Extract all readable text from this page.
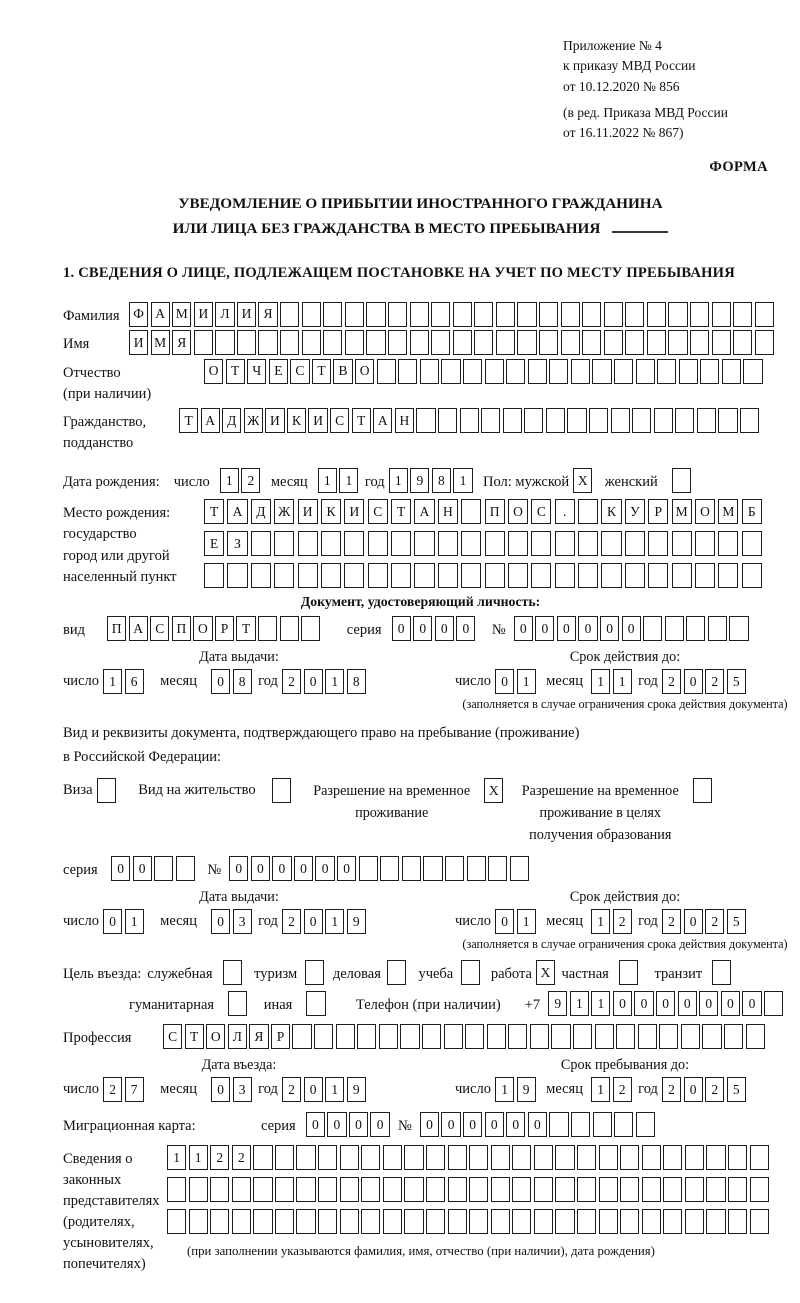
Приложение № 4
к приказу МВД России
от 10.12.2020 № 856
(в ред. Приказа МВД России
от 16.11.2022 № 867)
ФОРМА
УВЕДОМЛЕНИЕ О ПРИБЫТИИ ИНОСТРАННОГО ГРАЖДАНИНА
ИЛИ ЛИЦА БЕЗ ГРАЖДАНСТВА В МЕСТО ПРЕБЫВАНИЯ
1. СВЕДЕНИЯ О ЛИЦЕ, ПОДЛЕЖАЩЕМ ПОСТАНОВКЕ НА УЧЕТ ПО МЕСТУ ПРЕБЫВАНИЯ
Фамилия	Ф А М И Л И Я
Имя	И М Я
Отчество
(при наличии)
О Т Ч Е С Т В О
Гражданство,
подданство
Т А Д Ж И К И С Т А Н
Дата рождения: число	1	2	месяц	1	1 год 1	9	8	1	Пол: мужской X	женский
Место рождения:
государство
город или другой
населенный пункт
Т	А	Д Ж И	К	И	С	Т	А	Н	П	О	С	.	К	У	Р	М О М Б
Е	З
Документ, удостоверяющий личность:
вид	П А С П О Р	Т	серия	0	0	0	0	№	0	0	0	0	0	0
Дата выдачи:
число 1	6	месяц	0	8 год 2	0	1	8
Срок действия до:
число 0	1	месяц	1	1 год 2	0	2	5
(заполняется в случае ограничения срока действия документа)
Вид и реквизиты документа, подтверждающего право на пребывание (проживание)
в Российской Федерации:
Виза	Вид на жительство	Разрешение на временное
проживание
X	Разрешение на временное
проживание в целях
получения образования
серия	0	0	№	0	0	0	0	0	0
Дата выдачи:
число 0	1	месяц	0	3 год 2	0	1	9
Срок действия до:
число 0	1	месяц	1	2 год 2	0	2	5
(заполняется в случае ограничения срока действия документа)
Цель въезда: служебная	туризм деловая	учеба	работа X частная	транзит
гуманитарная	иная	Телефон (при наличии) +7	9	1	1	0	0	0	0	0	0	0
Профессия	С Т О Л Я Р
Дата въезда:
число 2	7	месяц	0	3 год 2	0	1	9
Срок пребывания до:
число 1	9	месяц	1	2 год 2	0	2	5
Миграционная карта:	серия	0	0	0	0	№	0	0	0	0	0	0
Сведения о
законных
представителях
(родителях,
усыновителях,
попечителях)
1	1	2	2
(при заполнении указываются фамилия, имя, отчество (при наличии), дата рождения)
